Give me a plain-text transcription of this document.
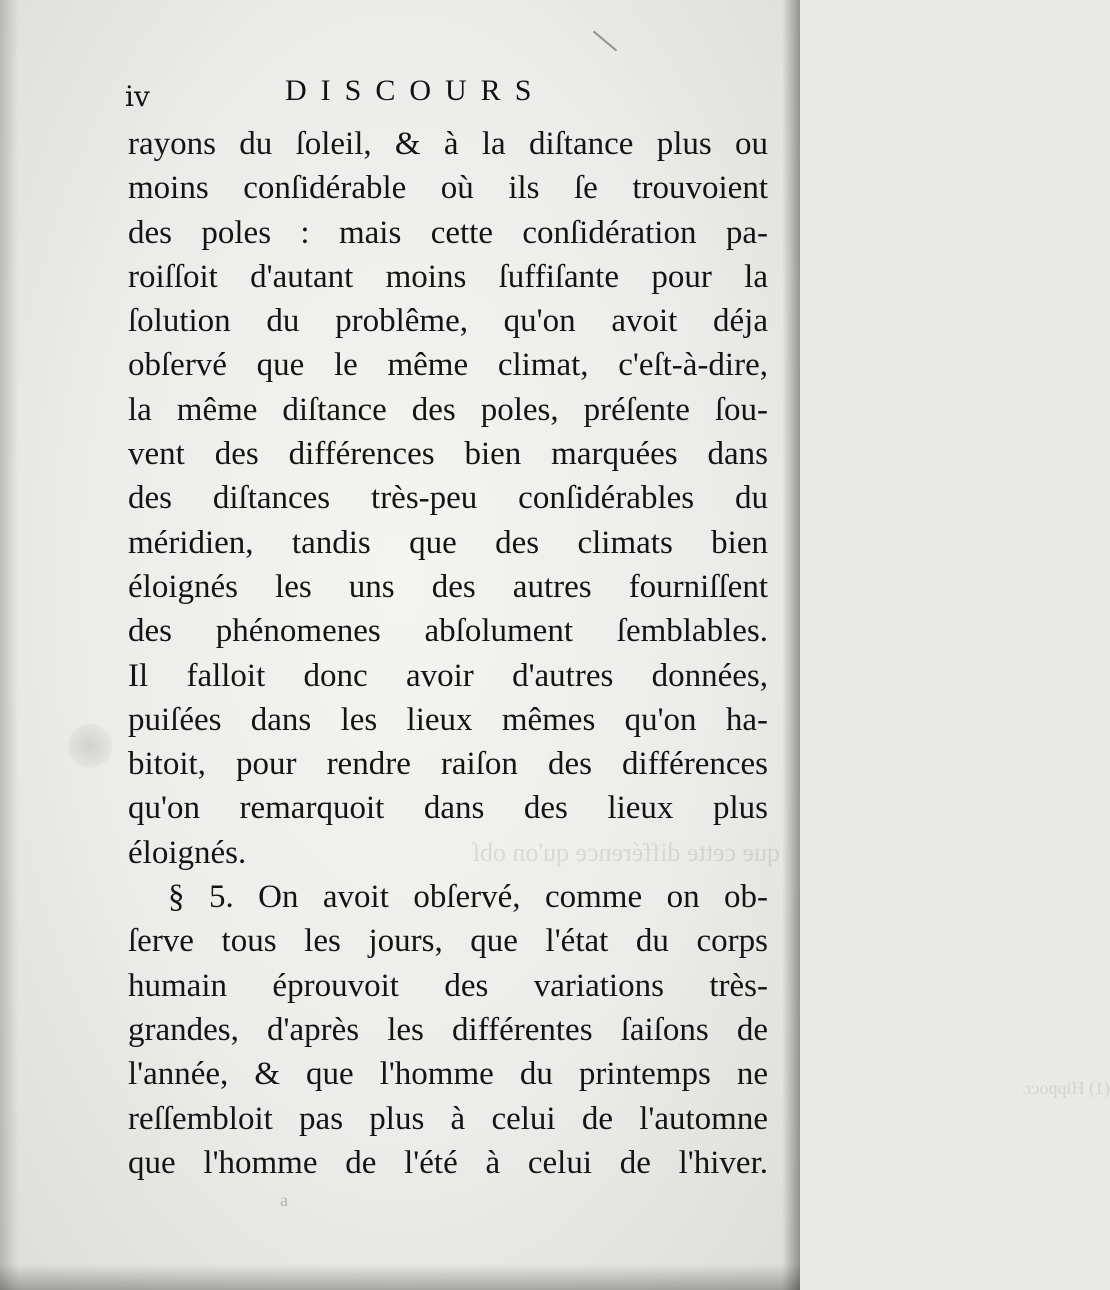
que cette différence qu'on obſ
(1) Hippocr.
a
iv	DISCOURS
rayons du ſoleil, & à la diſtance plus ou
moins conſidérable où ils ſe trouvoient
des poles : mais cette conſidération pa-
roiſſoit d'autant moins ſuffiſante pour la
ſolution du problême, qu'on avoit déja
obſervé que le même climat, c'eſt-à-dire,
la même diſtance des poles, préſente ſou-
vent des différences bien marquées dans
des diſtances très-peu conſidérables du
méridien, tandis que des climats bien
éloignés les uns des autres fourniſſent
des phénomenes abſolument ſemblables.
Il falloit donc avoir d'autres données,
puiſées dans les lieux mêmes qu'on ha-
bitoit, pour rendre raiſon des différences
qu'on remarquoit dans des lieux plus
éloignés.
§ 5. On avoit obſervé, comme on ob-
ſerve tous les jours, que l'état du corps
humain éprouvoit des variations très-
grandes, d'après les différentes ſaiſons de
l'année, & que l'homme du printemps ne
reſſembloit pas plus à celui de l'automne
que l'homme de l'été à celui de l'hiver.
